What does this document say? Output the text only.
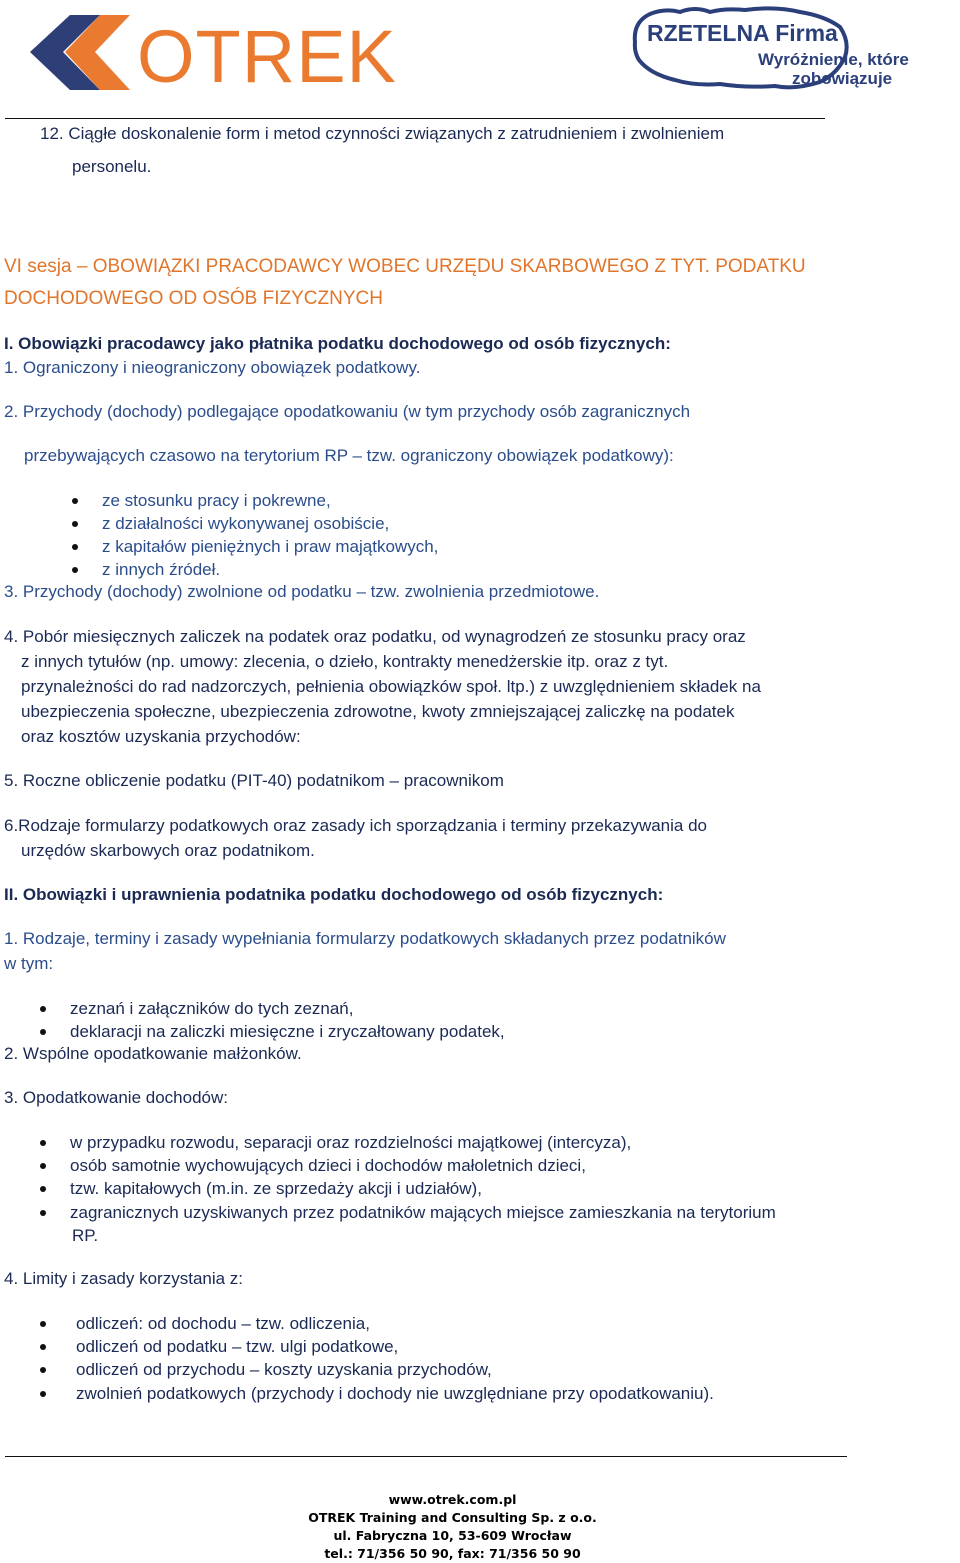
OTREK	RZETELNA Firma
Wyróżnienie, które
zobowiązuje
12. Ciągłe doskonalenie form i metod czynności związanych z zatrudnieniem i zwolnieniem
personelu.
VI sesja – OBOWIĄZKI PRACODAWCY WOBEC URZĘDU SKARBOWEGO Z TYT. PODATKU
DOCHODOWEGO OD OSÓB FIZYCZNYCH
I. Obowiązki pracodawcy jako płatnika podatku dochodowego od osób fizycznych:
1. Ograniczony i nieograniczony obowiązek podatkowy.
2. Przychody (dochody) podlegające opodatkowaniu (w tym przychody osób zagranicznych
przebywających czasowo na terytorium RP – tzw. ograniczony obowiązek podatkowy):
ze stosunku pracy i pokrewne,
z działalności wykonywanej osobiście,
z kapitałów pieniężnych i praw majątkowych,
z innych źródeł.
3. Przychody (dochody) zwolnione od podatku – tzw. zwolnienia przedmiotowe.
4. Pobór miesięcznych zaliczek na podatek oraz podatku, od wynagrodzeń ze stosunku pracy oraz
z innych tytułów (np. umowy: zlecenia, o dzieło, kontrakty menedżerskie itp. oraz z tyt.
przynależności do rad nadzorczych, pełnienia obowiązków społ. ltp.) z uwzględnieniem składek na
ubezpieczenia społeczne, ubezpieczenia zdrowotne, kwoty zmniejszającej zaliczkę na podatek
oraz kosztów uzyskania przychodów:
5. Roczne obliczenie podatku (PIT-40) podatnikom – pracownikom
6.Rodzaje formularzy podatkowych oraz zasady ich sporządzania i terminy przekazywania do
urzędów skarbowych oraz podatnikom.
II. Obowiązki i uprawnienia podatnika podatku dochodowego od osób fizycznych:
1. Rodzaje, terminy i zasady wypełniania formularzy podatkowych składanych przez podatników
w tym:
zeznań i załączników do tych zeznań,
deklaracji na zaliczki miesięczne i zryczałtowany podatek,
2. Wspólne opodatkowanie małżonków.
3. Opodatkowanie dochodów:
w przypadku rozwodu, separacji oraz rozdzielności majątkowej (intercyza),
osób samotnie wychowujących dzieci i dochodów małoletnich dzieci,
tzw. kapitałowych (m.in. ze sprzedaży akcji i udziałów),
zagranicznych uzyskiwanych przez podatników mających miejsce zamieszkania na terytorium
RP.
4. Limity i zasady korzystania z:
odliczeń: od dochodu – tzw. odliczenia,
odliczeń od podatku – tzw. ulgi podatkowe,
odliczeń od przychodu – koszty uzyskania przychodów,
zwolnień podatkowych (przychody i dochody nie uwzględniane przy opodatkowaniu).
www.otrek.com.pl
OTREK Training and Consulting Sp. z o.o.
ul. Fabryczna 10, 53-609 Wrocław
tel.: 71/356 50 90, fax: 71/356 50 90
